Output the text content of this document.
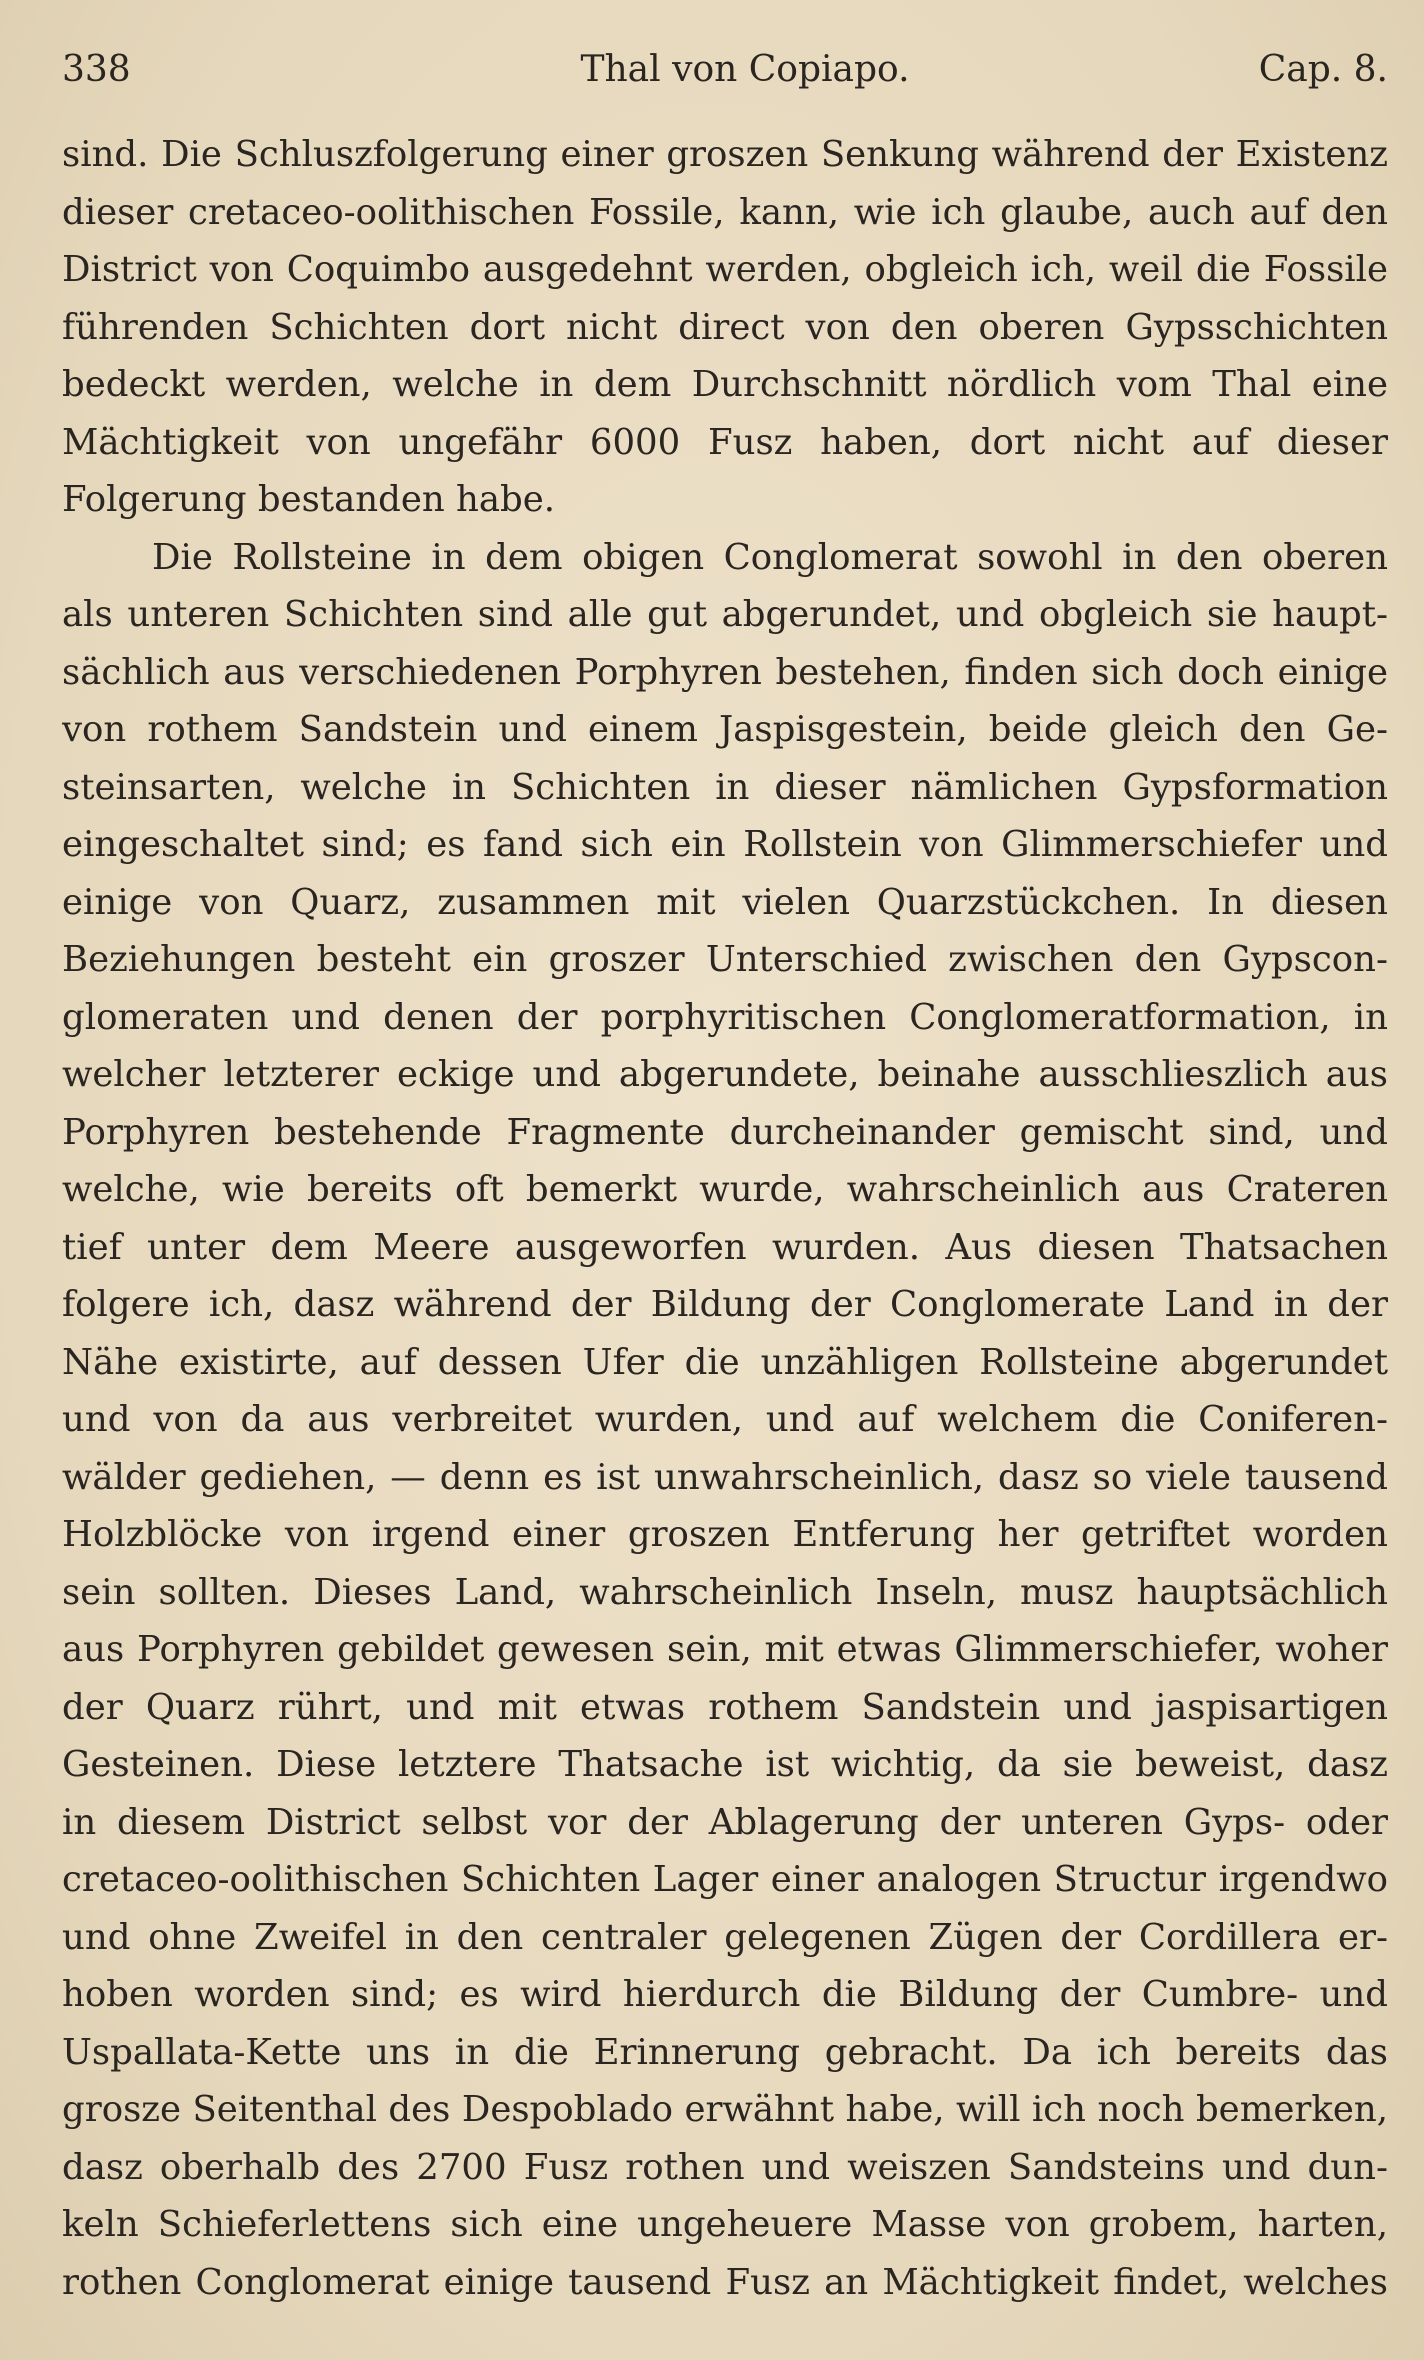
338	Thal von Copiapo.	Cap. 8.
sind. Die Schluszfolgerung einer groszen Senkung während der Existenz
dieser cretaceo-oolithischen Fossile, kann, wie ich glaube, auch auf den
District von Coquimbo ausgedehnt werden, obgleich ich, weil die Fossile
führenden Schichten dort nicht direct von den oberen Gypsschichten
bedeckt werden, welche in dem Durchschnitt nördlich vom Thal eine
Mächtigkeit von ungefähr 6000 Fusz haben, dort nicht auf dieser
Folgerung bestanden habe.
Die Rollsteine in dem obigen Conglomerat sowohl in den oberen
als unteren Schichten sind alle gut abgerundet, und obgleich sie haupt-
sächlich aus verschiedenen Porphyren bestehen, finden sich doch einige
von rothem Sandstein und einem Jaspisgestein, beide gleich den Ge-
steinsarten, welche in Schichten in dieser nämlichen Gypsformation
eingeschaltet sind; es fand sich ein Rollstein von Glimmerschiefer und
einige von Quarz, zusammen mit vielen Quarzstückchen. In diesen
Beziehungen besteht ein groszer Unterschied zwischen den Gypscon-
glomeraten und denen der porphyritischen Conglomeratformation, in
welcher letzterer eckige und abgerundete, beinahe ausschlieszlich aus
Porphyren bestehende Fragmente durcheinander gemischt sind, und
welche, wie bereits oft bemerkt wurde, wahrscheinlich aus Crateren
tief unter dem Meere ausgeworfen wurden. Aus diesen Thatsachen
folgere ich, dasz während der Bildung der Conglomerate Land in der
Nähe existirte, auf dessen Ufer die unzähligen Rollsteine abgerundet
und von da aus verbreitet wurden, und auf welchem die Coniferen-
wälder gediehen, — denn es ist unwahrscheinlich, dasz so viele tausend
Holzblöcke von irgend einer groszen Entferung her getriftet worden
sein sollten. Dieses Land, wahrscheinlich Inseln, musz hauptsächlich
aus Porphyren gebildet gewesen sein, mit etwas Glimmerschiefer, woher
der Quarz rührt, und mit etwas rothem Sandstein und jaspisartigen
Gesteinen. Diese letztere Thatsache ist wichtig, da sie beweist, dasz
in diesem District selbst vor der Ablagerung der unteren Gyps- oder
cretaceo-oolithischen Schichten Lager einer analogen Structur irgendwo
und ohne Zweifel in den centraler gelegenen Zügen der Cordillera er-
hoben worden sind; es wird hierdurch die Bildung der Cumbre- und
Uspallata-Kette uns in die Erinnerung gebracht. Da ich bereits das
grosze Seitenthal des Despoblado erwähnt habe, will ich noch bemerken,
dasz oberhalb des 2700 Fusz rothen und weiszen Sandsteins und dun-
keln Schieferlettens sich eine ungeheuere Masse von grobem, harten,
rothen Conglomerat einige tausend Fusz an Mächtigkeit findet, welches
